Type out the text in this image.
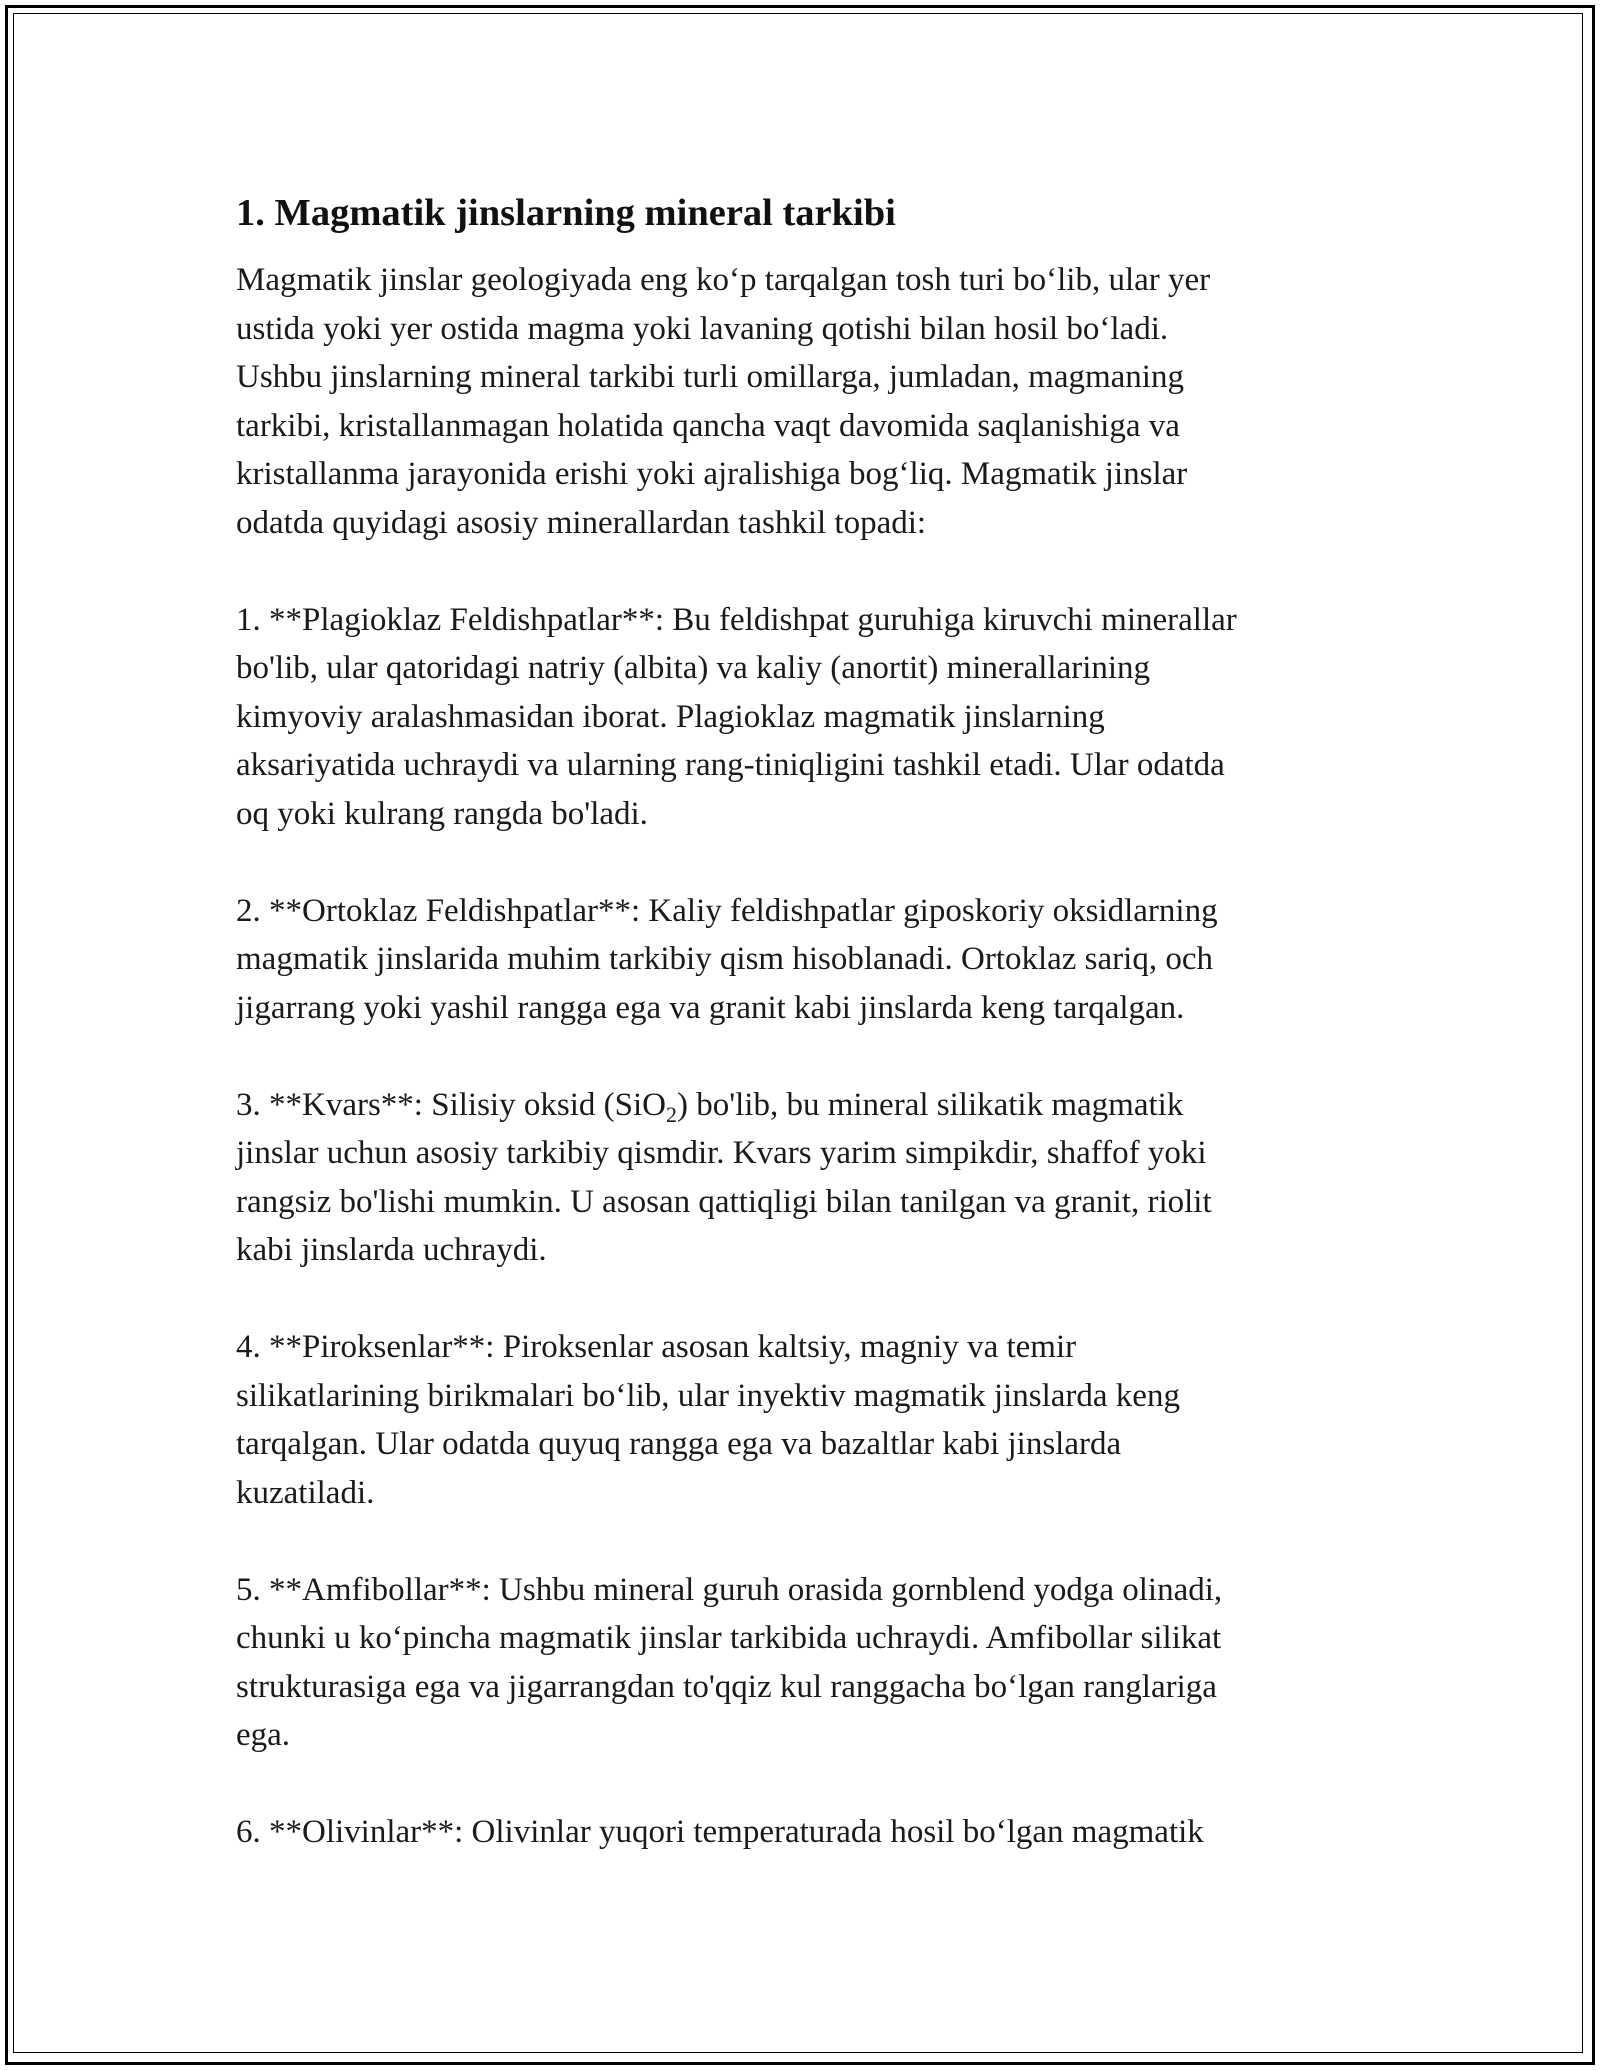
1. Magmatik jinslarning mineral tarkibi
Magmatik jinslar geologiyada eng ko‘p tarqalgan tosh turi bo‘lib, ular yer
ustida yoki yer ostida magma yoki lavaning qotishi bilan hosil bo‘ladi.
Ushbu jinslarning mineral tarkibi turli omillarga, jumladan, magmaning
tarkibi, kristallanmagan holatida qancha vaqt davomida saqlanishiga va
kristallanma jarayonida erishi yoki ajralishiga bog‘liq. Magmatik jinslar
odatda quyidagi asosiy minerallardan tashkil topadi:
1. **Plagioklaz Feldishpatlar**: Bu feldishpat guruhiga kiruvchi minerallar
bo'lib, ular qatoridagi natriy (albita) va kaliy (anortit) minerallarining
kimyoviy aralashmasidan iborat. Plagioklaz magmatik jinslarning
aksariyatida uchraydi va ularning rang-tiniqligini tashkil etadi. Ular odatda
oq yoki kulrang rangda bo'ladi.
2. **Ortoklaz Feldishpatlar**: Kaliy feldishpatlar giposkoriy oksidlarning
magmatik jinslarida muhim tarkibiy qism hisoblanadi. Ortoklaz sariq, och
jigarrang yoki yashil rangga ega va granit kabi jinslarda keng tarqalgan.
3. **Kvars**: Silisiy oksid (SiO$_2$) bo'lib, bu mineral silikatik magmatik
jinslar uchun asosiy tarkibiy qismdir. Kvars yarim simpikdir, shaffof yoki
rangsiz bo'lishi mumkin. U asosan qattiqligi bilan tanilgan va granit, riolit
kabi jinslarda uchraydi.
4. **Piroksenlar**: Piroksenlar asosan kaltsiy, magniy va temir
silikatlarining birikmalari bo‘lib, ular inyektiv magmatik jinslarda keng
tarqalgan. Ular odatda quyuq rangga ega va bazaltlar kabi jinslarda
kuzatiladi.
5. **Amfibollar**: Ushbu mineral guruh orasida gornblend yodga olinadi,
chunki u ko‘pincha magmatik jinslar tarkibida uchraydi. Amfibollar silikat
strukturasiga ega va jigarrangdan to'qqiz kul ranggacha bo‘lgan ranglariga
ega.
6. **Olivinlar**: Olivinlar yuqori temperaturada hosil bo‘lgan magmatik
